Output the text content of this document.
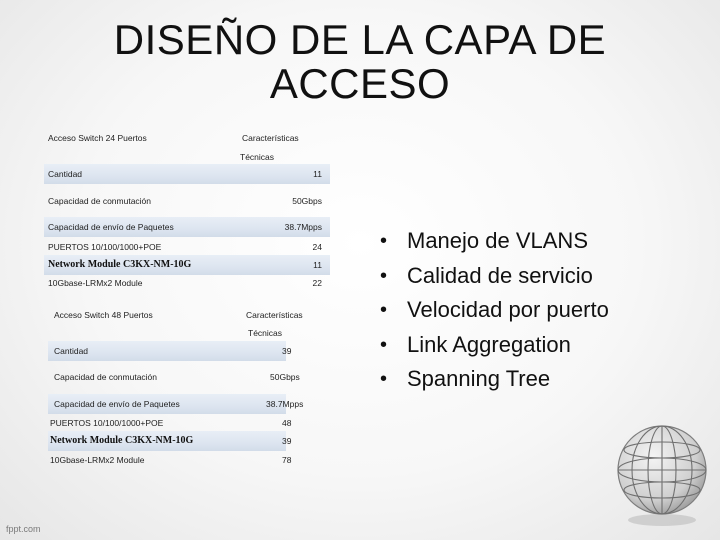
DISEÑO DE LA CAPA DE
ACCESO
Acceso Switch 24 Puertos	Características
Técnicas
Cantidad	11
Capacidad de conmutación	50Gbps
Capacidad de envío de Paquetes	38.7Mpps
PUERTOS 10/100/1000+POE	24
Network Module C3KX-NM-10G	11
10Gbase-LRMx2 Module	22
Acceso Switch 48 Puertos	Características
Técnicas
Cantidad	39
Capacidad de conmutación	50Gbps
Capacidad de envío de Paquetes	38.7Mpps
PUERTOS 10/100/1000+POE	48
Network Module C3KX-NM-10G	39
10Gbase-LRMx2 Module	78
• Manejo de VLANS
• Calidad de servicio
• Velocidad por puerto
• Link Aggregation
• Spanning Tree
fppt.com
